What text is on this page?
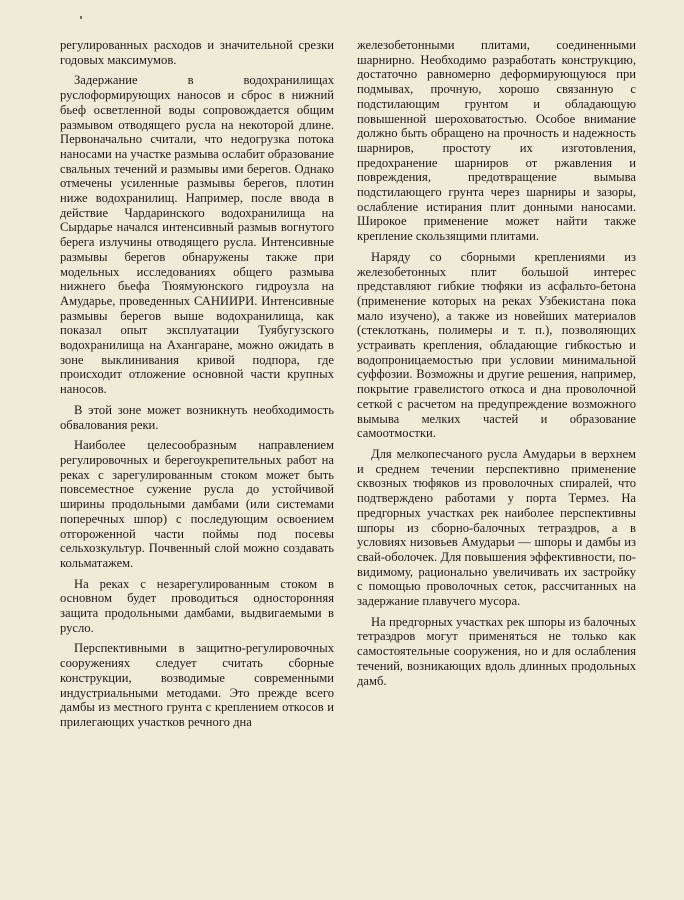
регулированных расходов и значительной срезки годовых максимумов.

Задержание в водохранилищах руслоформирующих наносов и сброс в нижний бьеф осветленной воды сопровождается общим размывом отводящего русла на некоторой длине. Первоначально считали, что недогрузка потока наносами на участке размыва ослабит образование свальных течений и размывы ими берегов. Однако отмечены усиленные размывы берегов, плотин ниже водохранилищ. Например, после ввода в действие Чардаринского водохранилища на Сырдарье начался интенсивный размыв вогнутого берега излучины отводящего русла. Интенсивные размывы берегов обнаружены также при модельных исследованиях общего размыва нижнего бьефа Тюямуюнского гидроузла на Амударье, проведенных САНИИРИ. Интенсивные размывы берегов выше водохранилища, как показал опыт эксплуатации Туябугузского водохранилища на Ахангаране, можно ожидать в зоне выклинивания кривой подпора, где происходит отложение основной части крупных наносов.

В этой зоне может возникнуть необходимость обвалования реки.

Наиболее целесообразным направлением регулировочных и берегоукрепительных работ на реках с зарегулированным стоком может быть повсеместное сужение русла до устойчивой ширины продольными дамбами (или системами поперечных шпор) с последующим освоением отгороженной части поймы под посевы сельхозкультур. Почвенный слой можно создавать кольматажем.

На реках с незарегулированным стоком в основном будет проводиться односторонняя защита продольными дамбами, выдвигаемыми в русло.

Перспективными в защитно-регулировочных сооружениях следует считать сборные конструкции, возводимые современными индустриальными методами. Это прежде всего дамбы из местного грунта с креплением откосов и прилегающих участков речного дна

железобетонными плитами, соединенными шарнирно. Необходимо разработать конструкцию, достаточно равномерно деформирующуюся при подмывах, прочную, хорошо связанную с подстилающим грунтом и обладающую повышенной шероховатостью. Особое внимание должно быть обращено на прочность и надежность шарниров, простоту их изготовления, предохранение шарниров от ржавления и повреждения, предотвращение вымыва подстилающего грунта через шарниры и зазоры, ослабление истирания плит донными наносами. Широкое применение может найти также крепление скользящими плитами.

Наряду со сборными креплениями из железобетонных плит большой интерес представляют гибкие тюфяки из асфальто-бетона (применение которых на реках Узбекистана пока мало изучено), а также из новейших материалов (стеклоткань, полимеры и т. п.), позволяющих устраивать крепления, обладающие гибкостью и водопроницаемостью при условии минимальной суффозии. Возможны и другие решения, например, покрытие гравелистого откоса и дна проволочной сеткой с расчетом на предупреждение возможного вымыва мелких частей и образование самоотмостки.

Для мелкопесчаного русла Амударьи в верхнем и среднем течении перспективно применение сквозных тюфяков из проволочных спиралей, что подтверждено работами у порта Термез. На предгорных участках рек наиболее перспективны шпоры из сборно-балочных тетраэдров, а в условиях низовьев Амударьи — шпоры и дамбы из свай-оболочек. Для повышения эффективности, по-видимому, рационально увеличивать их застройку с помощью проволочных сеток, рассчитанных на задержание плавучего мусора.

На предгорных участках рек шпоры из балочных тетраэдров могут применяться не только как самостоятельные сооружения, но и для ослабления течений, возникающих вдоль длинных продольных дамб.
